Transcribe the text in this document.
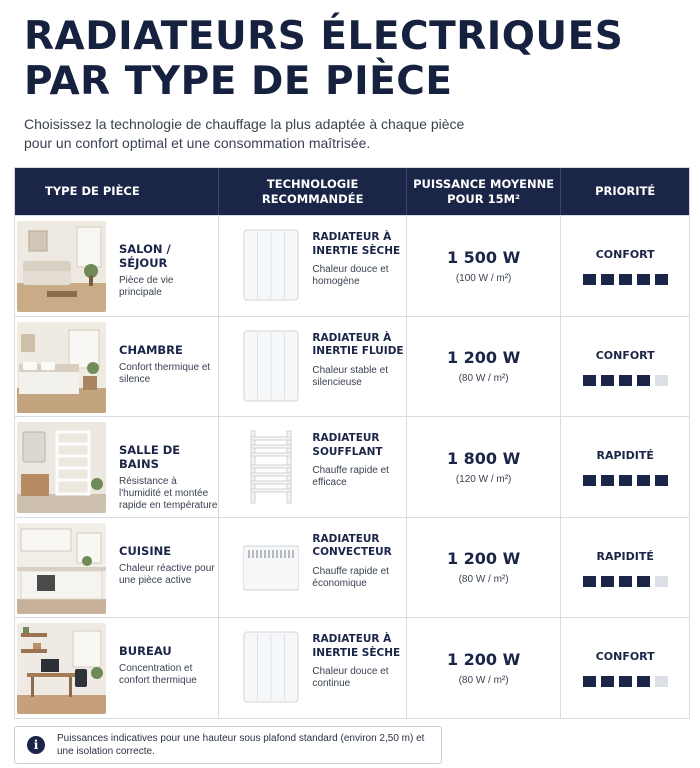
RADIATEURS ÉLECTRIQUES
PAR TYPE DE PIÈCE
Choisissez la technologie de chauffage la plus adaptée à chaque pièce pour un confort optimal et une consommation maîtrisée.
TYPE DE PIÈCE
TECHNOLOGIE RECOMMANDÉE
PUISSANCE MOYENNE POUR 15M²
PRIORITÉ
SALON / SÉJOUR
Pièce de vie principale
RADIATEUR À INERTIE SÈCHE
Chaleur douce et homogène
1 500 W
(100 W / m²)
CONFORT
CHAMBRE
Confort thermique et silence
RADIATEUR À INERTIE FLUIDE
Chaleur stable et silencieuse
1 200 W
(80 W / m²)
CONFORT
SALLE DE BAINS
Résistance à l'humidité et montée rapide en température
RADIATEUR SOUFFLANT
Chauffe rapide et efficace
1 800 W
(120 W / m²)
RAPIDITÉ
CUISINE
Chaleur réactive pour une pièce active
RADIATEUR CONVECTEUR
Chauffe rapide et économique
1 200 W
(80 W / m²)
RAPIDITÉ
BUREAU
Concentration et confort thermique
RADIATEUR À INERTIE SÈCHE
Chaleur douce et continue
1 200 W
(80 W / m²)
CONFORT
i	Puissances indicatives pour une hauteur sous plafond standard (environ 2,50 m) et une isolation correcte.
